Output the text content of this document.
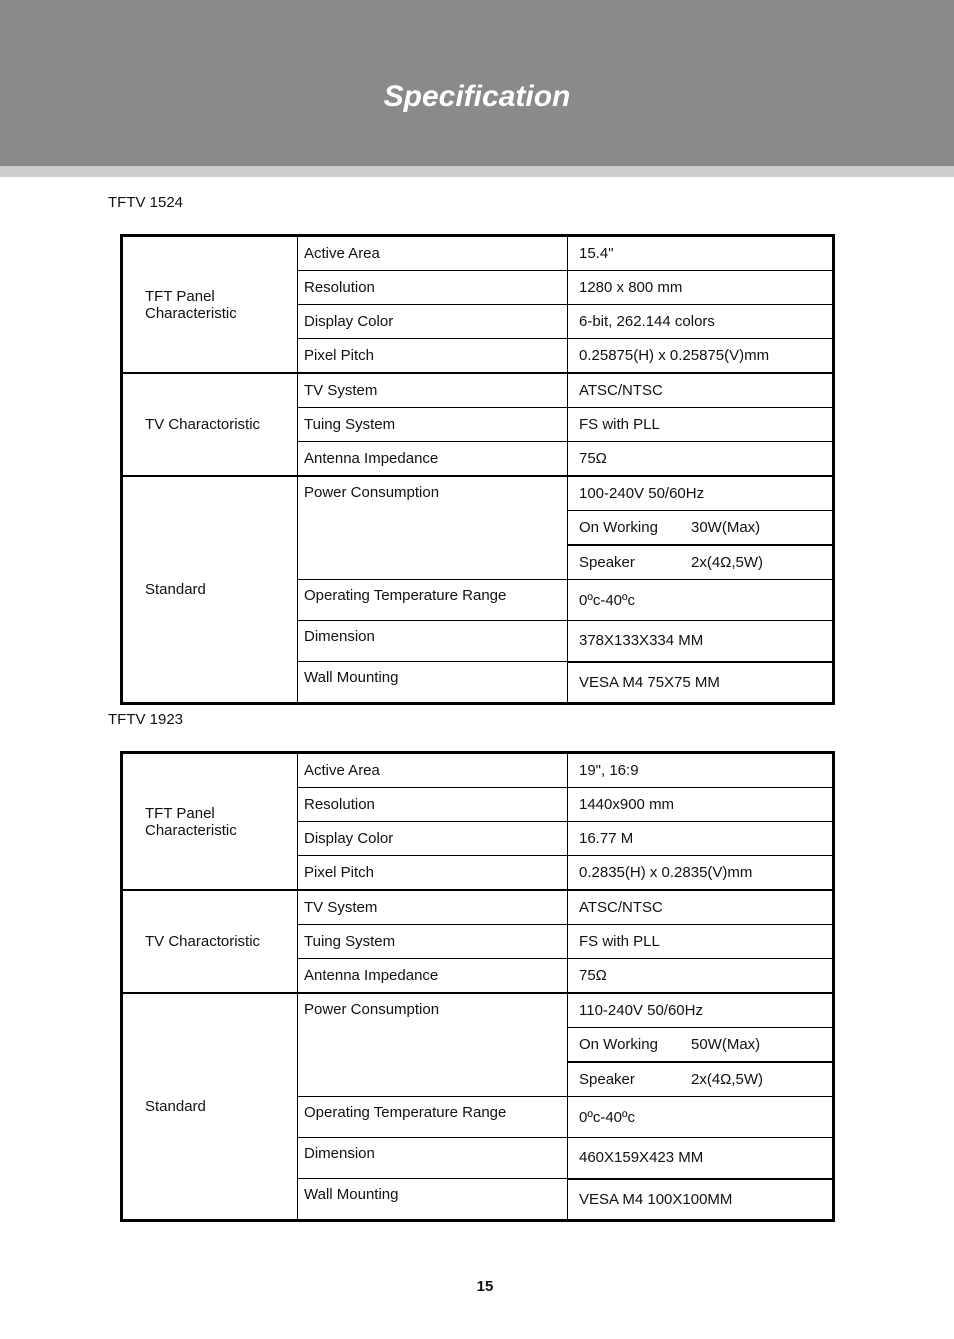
Specification
TFTV 1524
TFT Panel Characteristic	Active Area	15.4"
	Resolution	1280 x 800 mm
	Display Color	6-bit, 262.144 colors
	Pixel Pitch	0.25875(H) x 0.25875(V)mm
TV Charactoristic	TV System	ATSC/NTSC
	Tuing System	FS with PLL
	Antenna Impedance	75Ω
Standard	Power Consumption	100-240V 50/60Hz

		On Working 30W(Max)

		Speaker 2x(4Ω,5W)

	Operating Temperature Range	0ºc-40ºc
	Dimension	378X133X334 MM
	Wall Mounting	VESA M4 75X75 MM
TFTV 1923
TFT Panel Characteristic	Active Area	19", 16:9
	Resolution	1440x900 mm
	Display Color	16.77 M
	Pixel Pitch	0.2835(H) x 0.2835(V)mm
TV Charactoristic	TV System	ATSC/NTSC
	Tuing System	FS with PLL
	Antenna Impedance	75Ω
Standard	Power Consumption	110-240V 50/60Hz

		On Working 50W(Max)

		Speaker 2x(4Ω,5W)

	Operating Temperature Range	0ºc-40ºc
	Dimension	460X159X423 MM
	Wall Mounting	VESA M4 100X100MM
15
